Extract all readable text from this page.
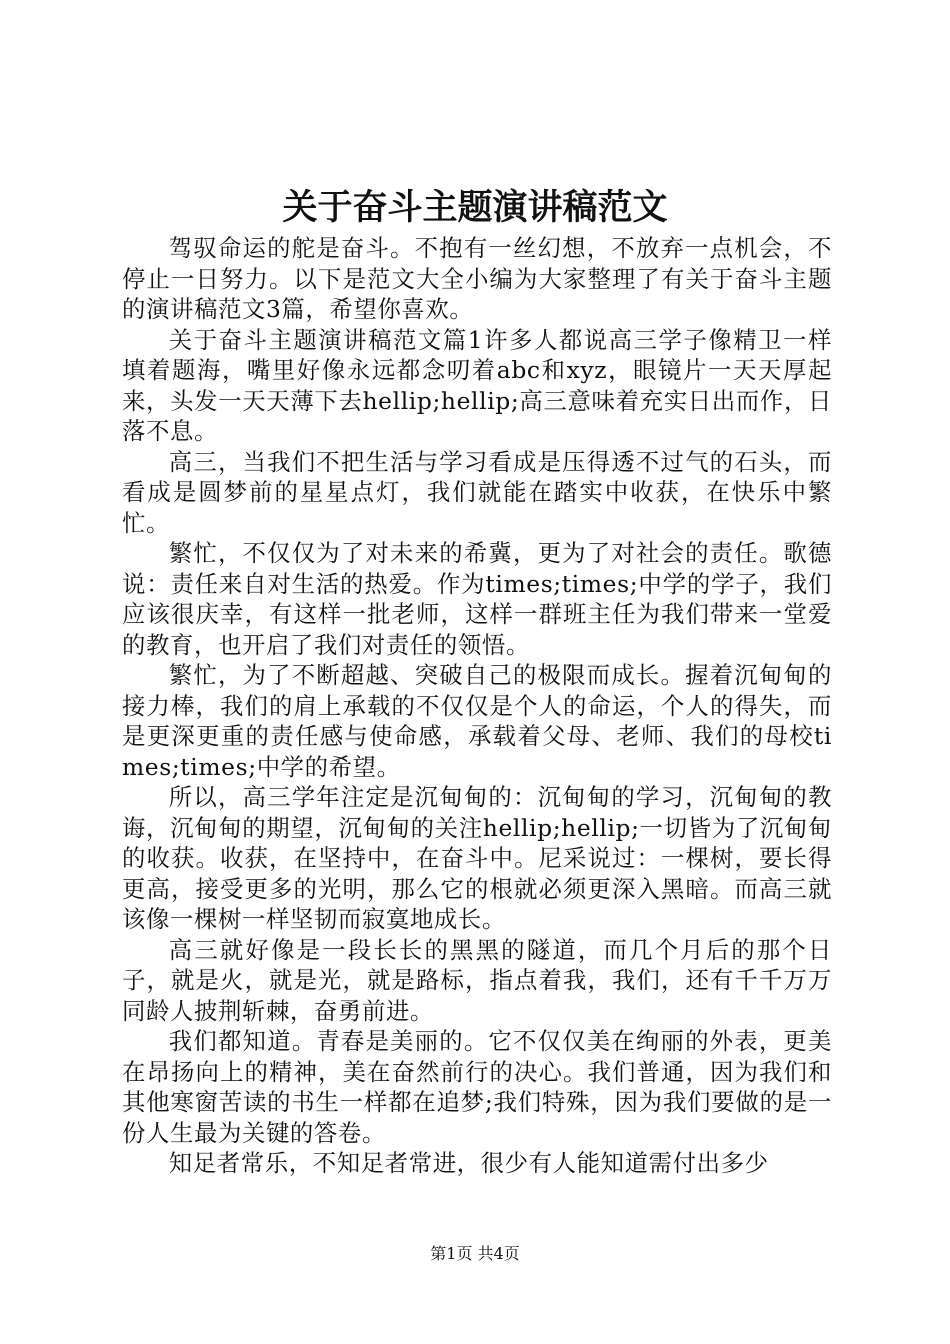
关于奋斗主题演讲稿范文

驾驭命运的舵是奋斗。不抱有一丝幻想，不放弃一点机会，不停止一日努力。以下是范文大全小编为大家整理了有关于奋斗主题的演讲稿范文3篇，希望你喜欢。

关于奋斗主题演讲稿范文篇1许多人都说高三学子像精卫一样填着题海，嘴里好像永远都念叨着abc和xyz，眼镜片一天天厚起来，头发一天天薄下去hellip;hellip;高三意味着充实日出而作，日落不息。

高三，当我们不把生活与学习看成是压得透不过气的石头，而看成是圆梦前的星星点灯，我们就能在踏实中收获，在快乐中繁忙。

繁忙，不仅仅为了对未来的希冀，更为了对社会的责任。歌德说：责任来自对生活的热爱。作为times;times;中学的学子，我们应该很庆幸，有这样一批老师，这样一群班主任为我们带来一堂爱的教育，也开启了我们对责任的领悟。

繁忙，为了不断超越、突破自己的极限而成长。握着沉甸甸的接力棒，我们的肩上承载的不仅仅是个人的命运，个人的得失，而是更深更重的责任感与使命感，承载着父母、老师、我们的母校times;times;中学的希望。

所以，高三学年注定是沉甸甸的：沉甸甸的学习，沉甸甸的教诲，沉甸甸的期望，沉甸甸的关注hellip;hellip;一切皆为了沉甸甸的收获。收获，在坚持中，在奋斗中。尼采说过：一棵树，要长得更高，接受更多的光明，那么它的根就必须更深入黑暗。而高三就该像一棵树一样坚韧而寂寞地成长。

高三就好像是一段长长的黑黑的隧道，而几个月后的那个日子，就是火，就是光，就是路标，指点着我，我们，还有千千万万同龄人披荆斩棘，奋勇前进。

我们都知道。青春是美丽的。它不仅仅美在绚丽的外表，更美在昂扬向上的精神，美在奋然前行的决心。我们普通，因为我们和其他寒窗苦读的书生一样都在追梦;我们特殊，因为我们要做的是一份人生最为关键的答卷。

知足者常乐，不知足者常进，很少有人能知道需付出多少

第1页 共4页
